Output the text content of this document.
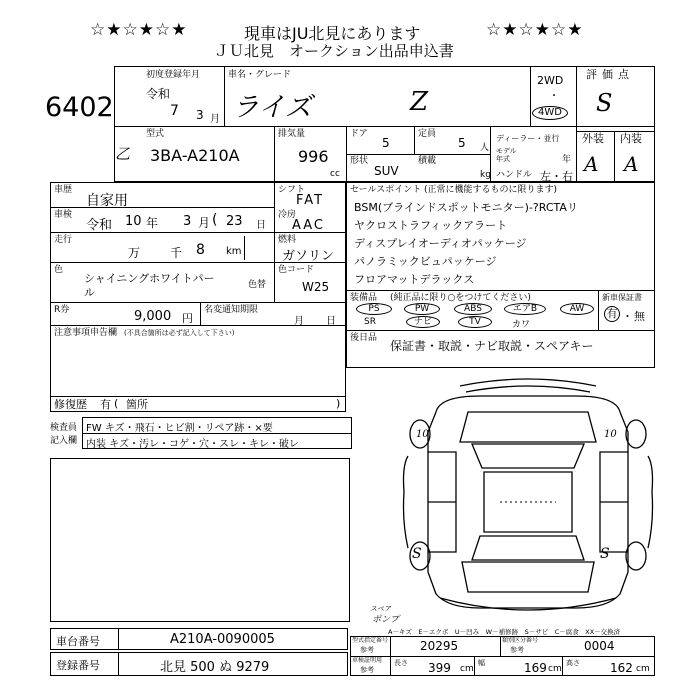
☆★☆★☆★	現車はJU北見にあります	☆★☆★☆★
ＪＵ北見　オークション出品申込書
6402
乙
初度登録年月
令和
7 3 月
車名・グレード
ライズ	Z
2WD
・
4WD
評価点
S
外装 内装
A A
型式
3BA-A210A
排気量
996
cc
ドア
5
定員
5 人
形状
SUV
積載
kg
ディーラー・並行
モデル年式	年
ハンドル 左・右
車歴
自家用
シフト
FAT
車検
令和 10 年 3 月 ( 23 日
冷房
AAC
走行
万 千 8 km
燃料
ガソリン
色
シャイニングホワイトパー
ル
色替
色コード
W25
R券	9,000 円
名変通知期限
月 日
注意事項申告欄 (不具合箇所は必ず記入して下さい)
修復歴 有 ( 箇所	)
検査員
記入欄
FW キズ・飛石・ヒビ割・リペア跡・×要
内装 キズ・汚レ・コゲ・穴・スレ・キレ・破レ
セールスポイント (正常に機能するものに限ります)
BSM(ブラインドスポットモニター)-?RCTAリ
ヤクロストラフィックアラート
ディスプレイオーディオパッケージ
パノラミックビュパッケージ
フロアマットデラックス
装備品 (純正品に限り○をつけてください)
PS	PW	ABS	エアB	AW
SR	ナビ	TV	カワ
新車保証書
有 ・ 無
後日品
保証書・取説・ナビ取説・スペアキー
10	10
S	S
スペア
ポンプ
A－キズ　E－エクボ　U－凹み　W－補修跡　S－サビ　C－腐食　XX－交換済
車台番号	A210A-0090005
登録番号	北見 500 ぬ 9279
型式指定番号
参考	20295	類別区分番号
参考	0004
車検証明用
参考
長さ 399 cm
幅	169 cm
高さ	162 cm
